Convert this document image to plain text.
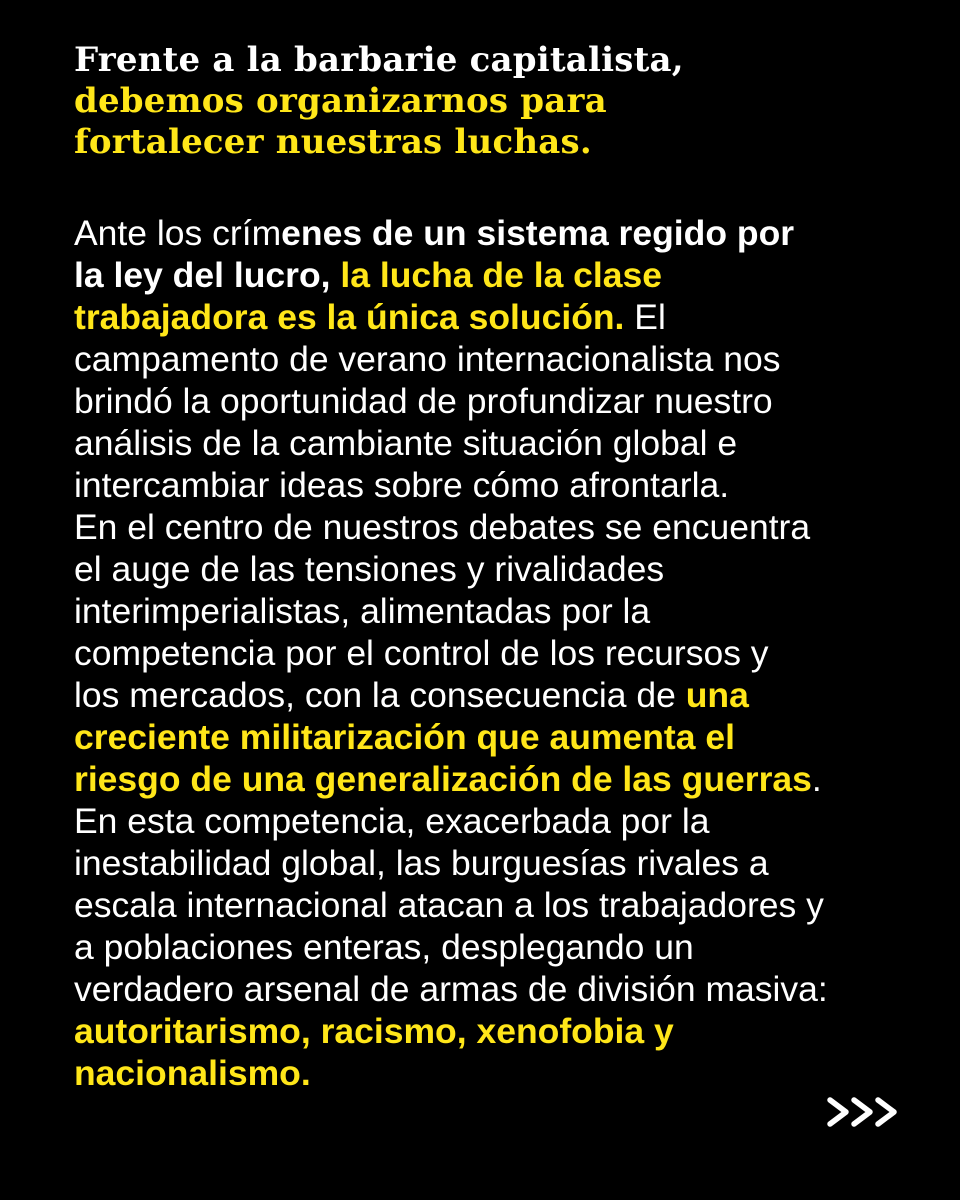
Frente a la barbarie capitalista,
debemos organizarnos para
fortalecer nuestras luchas.
Ante los crímenes de un sistema regido por
la ley del lucro, la lucha de la clase
trabajadora es la única solución. El
campamento de verano internacionalista nos
brindó la oportunidad de profundizar nuestro
análisis de la cambiante situación global e
intercambiar ideas sobre cómo afrontarla.
En el centro de nuestros debates se encuentra
el auge de las tensiones y rivalidades
interimperialistas, alimentadas por la
competencia por el control de los recursos y
los mercados, con la consecuencia de una
creciente militarización que aumenta el
riesgo de una generalización de las guerras.
En esta competencia, exacerbada por la
inestabilidad global, las burguesías rivales a
escala internacional atacan a los trabajadores y
a poblaciones enteras, desplegando un
verdadero arsenal de armas de división masiva:
autoritarismo, racismo, xenofobia y
nacionalismo.
